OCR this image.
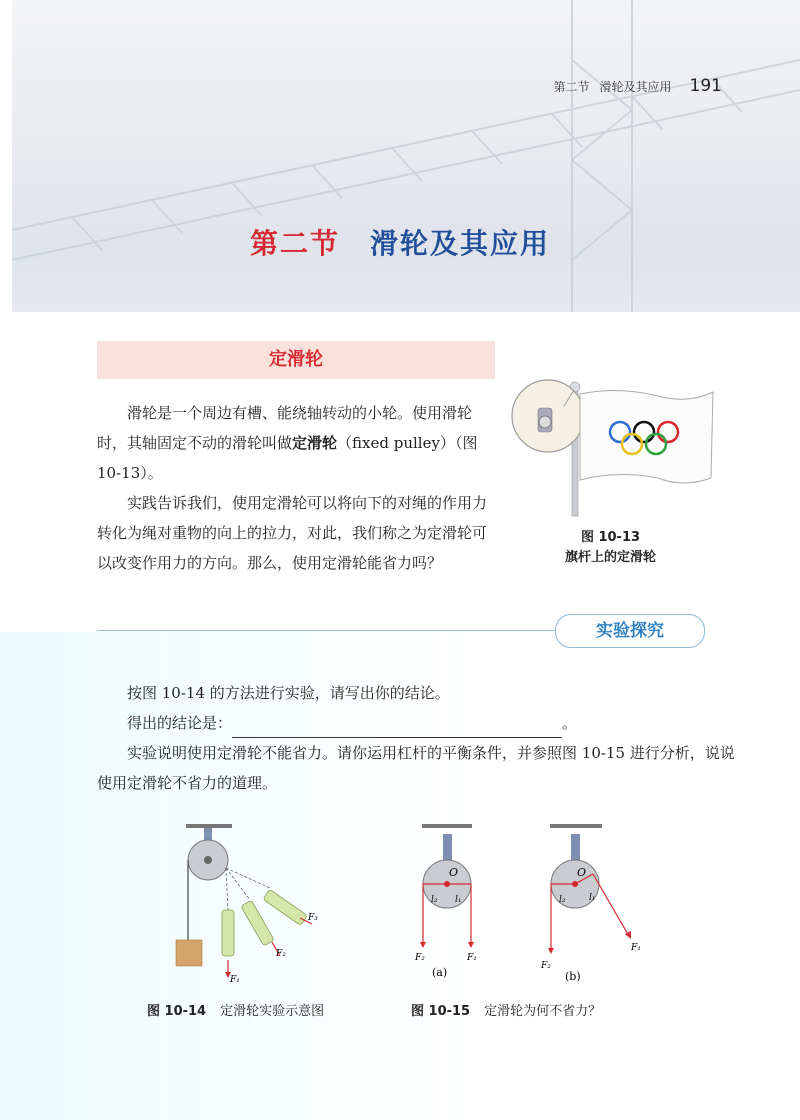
第二节 滑轮及其应用 191
第二节 滑轮及其应用
定滑轮
滑轮是一个周边有槽、能绕轴转动的小轮。使用滑轮时，其轴固定不动的滑轮叫做定滑轮（fixed pulley）（图 10-13）。
实践告诉我们，使用定滑轮可以将向下的对绳的作用力转化为绳对重物的向上的拉力，对此，我们称之为定滑轮可以改变作用力的方向。那么，使用定滑轮能省力吗？
图 10-13
旗杆上的定滑轮
实验探究
按图 10-14 的方法进行实验，请写出你的结论。
得出的结论是：	。
实验说明使用定滑轮不能省力。请你运用杠杆的平衡条件，并参照图 10-15 进行分析，说说使用定滑轮不省力的道理。
F₁
F₂
F₃
O
l₂ l₁
F₂	F₁
(a)
O
l₂	l₁
F₂
F₁
(b)
图 10-14 定滑轮实验示意图	图 10-15 定滑轮为何不省力？
